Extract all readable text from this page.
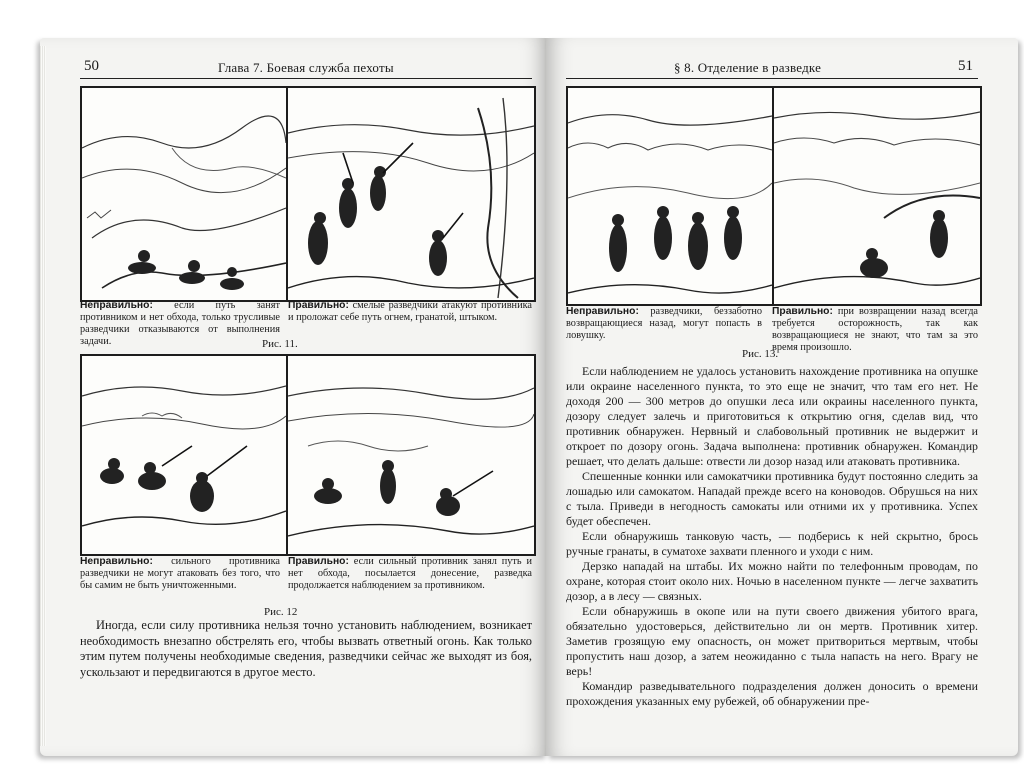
50	Глава 7. Боевая служба пехоты
Неправильно: если путь занят противником и нет обхода, только трусливые разведчики отказываются от выполнения задачи.
Правильно: смелые разведчики атакуют противника и проложат себе путь огнем, гранатой, штыком.
Рис. 11.
Неправильно: сильного противника разведчики не могут атаковать без того, что бы самим не быть уничтоженными.
Правильно: если сильный противник занял путь и нет обхода, посылается донесение, разведка продолжается наблюдением за противником.
Рис. 12

Иногда, если силу противника нельзя точно установить наблюдением, возникает необходимость внезапно обстрелять его, чтобы вызвать ответный огонь. Как только этим путем получены необходимые сведения, разведчики сейчас же выходят из боя, ускользают и передвигаются в другое место.

§ 8. Отделение в разведке	51
Неправильно: разведчики, беззаботно возвращающиеся назад, могут попасть в ловушку.
Правильно: при возвращении назад всегда требуется осторожность, так как возвращающиеся не знают, что там за это время произошло.
Рис. 13.

Если наблюдением не удалось установить нахождение противника на опушке или окраине населенного пункта, то это еще не значит, что там его нет. Не доходя 200 — 300 метров до опушки леса или окраины населенного пункта, дозору следует залечь и приготовиться к открытию огня, сделав вид, что противник обнаружен. Нервный и слабовольный противник не выдержит и откроет по дозору огонь. Задача выполнена: противник обнаружен. Командир решает, что делать дальше: отвести ли дозор назад или атаковать противника.

Спешенные коннки или самокатчики противника будут постоянно следить за лошадью или самокатом. Нападай прежде всего на коноводов. Обрушься на них с тыла. Приведи в негодность самокаты или отними их у противника. Успех будет обеспечен.

Если обнаружишь танковую часть, — подберись к ней скрытно, брось ручные гранаты, в суматохе захвати пленного и уходи с ним.

Дерзко нападай на штабы. Их можно найти по телефонным проводам, по охране, которая стоит около них. Ночью в населенном пункте — легче захватить дозор, а в лесу — связных.

Если обнаружишь в окопе или на пути своего движения убитого врага, обязательно удостоверься, действительно ли он мертв. Противник хитер. Заметив грозящую ему опасность, он может притвориться мертвым, чтобы пропустить наш дозор, а затем неожиданно с тыла напасть на него. Врагу не верь!

Командир разведывательного подразделения должен доносить о времени прохождения указанных ему рубежей, об обнаружении пре-
